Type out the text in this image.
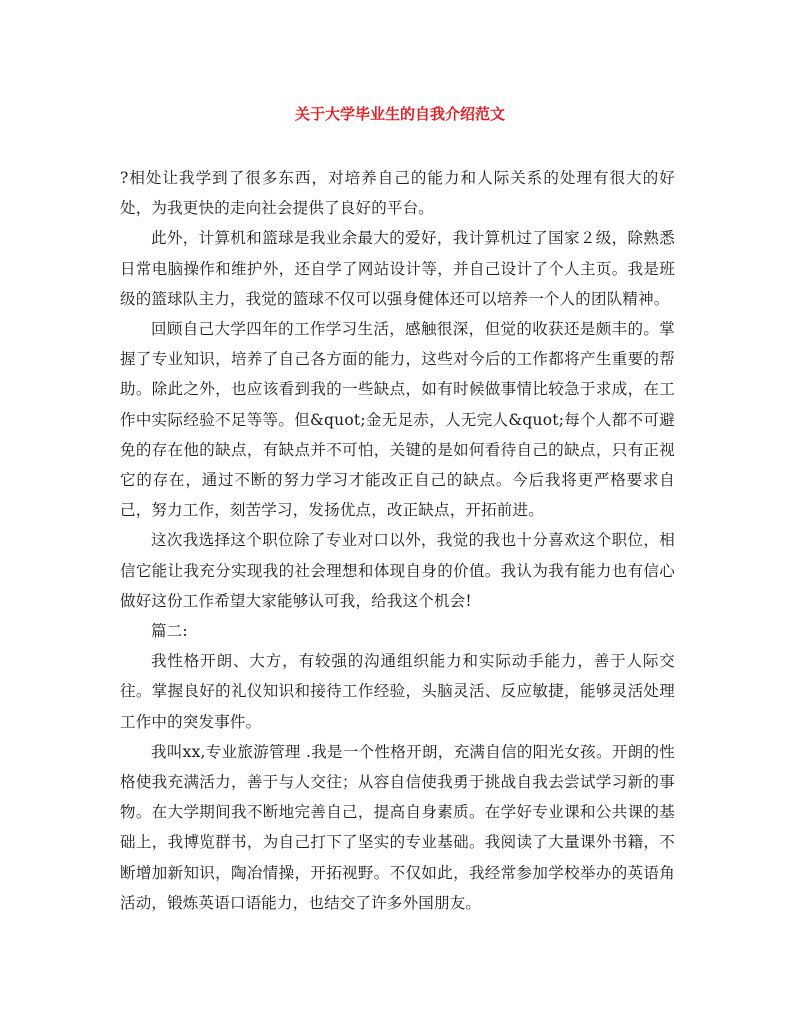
关于大学毕业生的自我介绍范文

?相处让我学到了很多东西，对培养自己的能力和人际关系的处理有很大的好处，为我更快的走向社会提供了良好的平台。

此外，计算机和篮球是我业余最大的爱好，我计算机过了国家２级，除熟悉日常电脑操作和维护外，还自学了网站设计等，并自己设计了个人主页。我是班级的篮球队主力，我觉的篮球不仅可以强身健体还可以培养一个人的团队精神。

回顾自己大学四年的工作学习生活，感触很深，但觉的收获还是颇丰的。掌握了专业知识，培养了自己各方面的能力，这些对今后的工作都将产生重要的帮助。除此之外，也应该看到我的一些缺点，如有时候做事情比较急于求成，在工作中实际经验不足等等。但&quot;金无足赤，人无完人&quot;每个人都不可避免的存在他的缺点，有缺点并不可怕，关键的是如何看待自己的缺点，只有正视它的存在，通过不断的努力学习才能改正自己的缺点。今后我将更严格要求自己，努力工作，刻苦学习，发扬优点，改正缺点，开拓前进。

这次我选择这个职位除了专业对口以外，我觉的我也十分喜欢这个职位，相信它能让我充分实现我的社会理想和体现自身的价值。我认为我有能力也有信心做好这份工作希望大家能够认可我，给我这个机会!

篇二:

我性格开朗、大方，有较强的沟通组织能力和实际动手能力，善于人际交往。掌握良好的礼仪知识和接待工作经验，头脑灵活、反应敏捷，能够灵活处理工作中的突发事件。

我叫xx,专业旅游管理 .我是一个性格开朗，充满自信的阳光女孩。开朗的性格使我充满活力，善于与人交往；从容自信使我勇于挑战自我去尝试学习新的事物。在大学期间我不断地完善自己，提高自身素质。在学好专业课和公共课的基础上，我博览群书，为自己打下了坚实的专业基础。我阅读了大量课外书籍，不断增加新知识，陶冶情操，开拓视野。不仅如此，我经常参加学校举办的英语角活动，锻炼英语口语能力，也结交了许多外国朋友。
